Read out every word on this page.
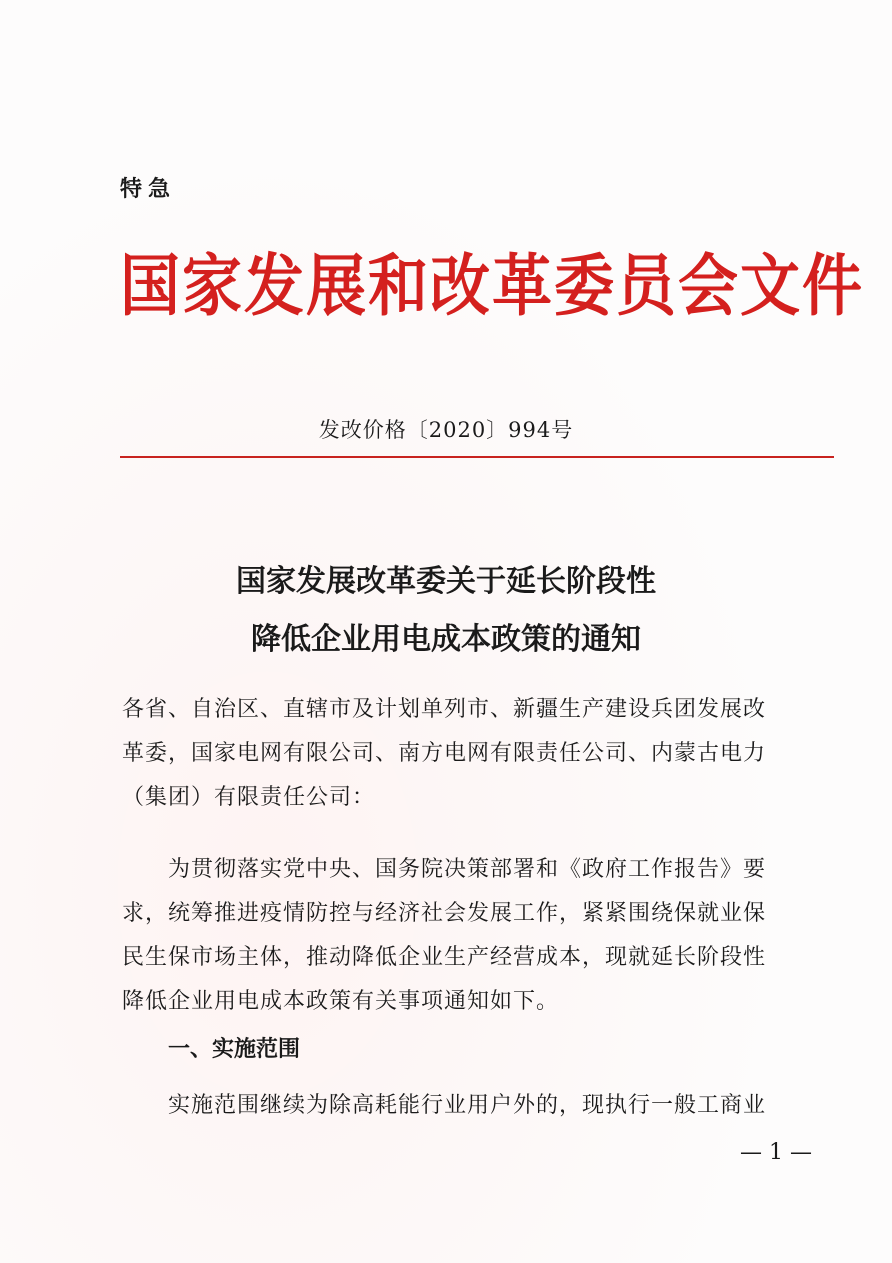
特急
国家发展和改革委员会文件
发改价格〔2020〕994号
国家发展改革委关于延长阶段性
降低企业用电成本政策的通知
各省、自治区、直辖市及计划单列市、新疆生产建设兵团发展改
革委，国家电网有限公司、南方电网有限责任公司、内蒙古电力
（集团）有限责任公司：
为贯彻落实党中央、国务院决策部署和《政府工作报告》要
求，统筹推进疫情防控与经济社会发展工作，紧紧围绕保就业保
民生保市场主体，推动降低企业生产经营成本，现就延长阶段性
降低企业用电成本政策有关事项通知如下。
一、实施范围
实施范围继续为除高耗能行业用户外的，现执行一般工商业
— 1 —
